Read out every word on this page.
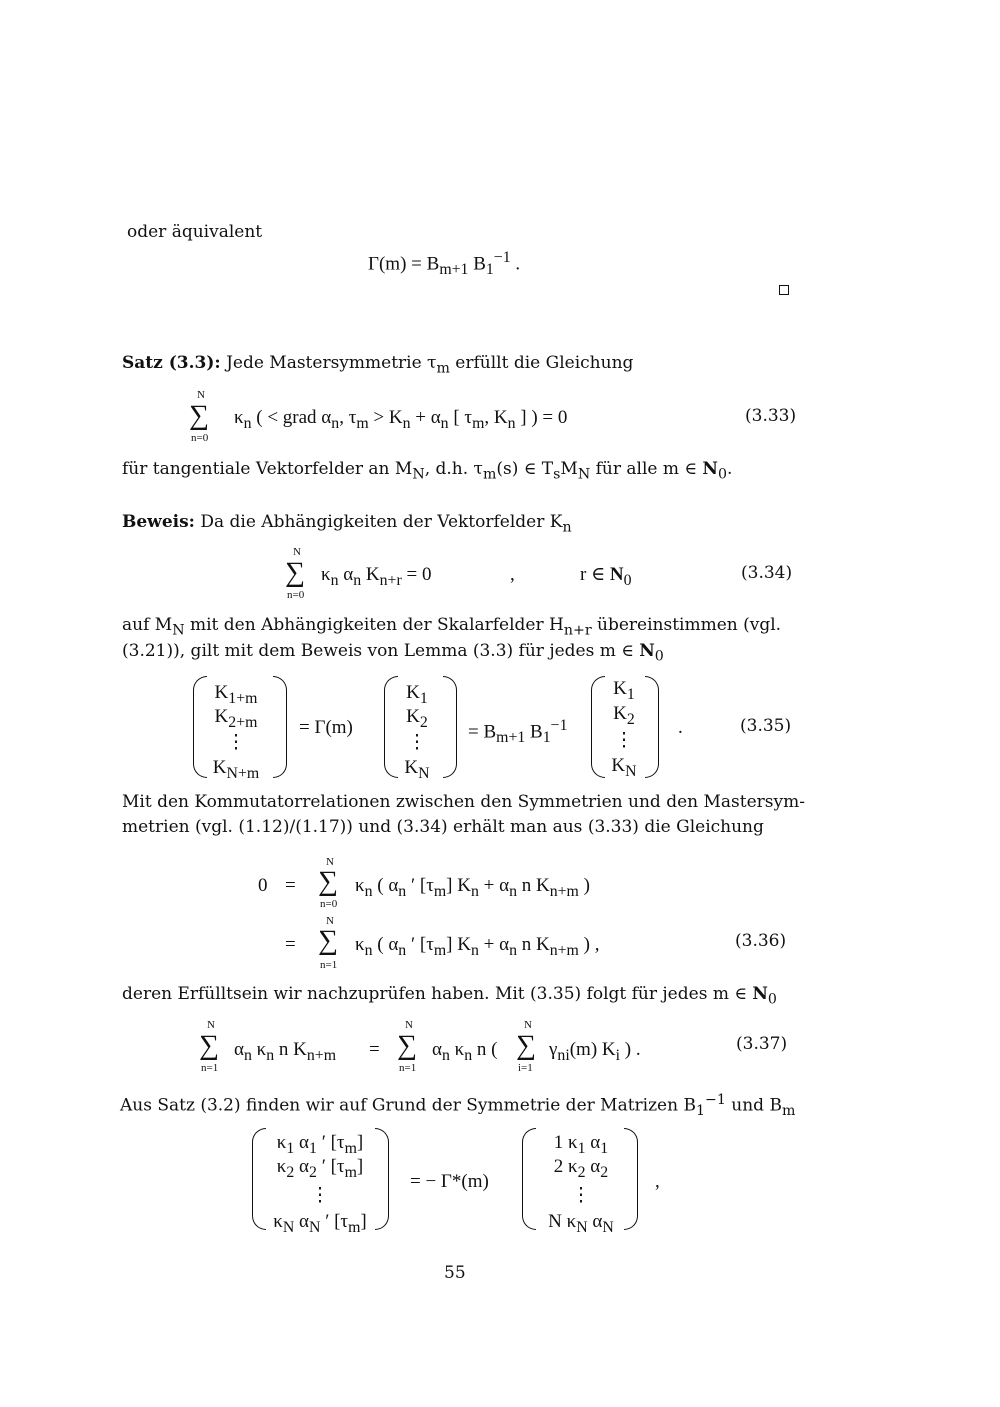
oder äquivalent
$\Gamma(m) = B_{m+1}$ $B_1^{-1}$ .
Satz (3.3): Jede Mastersymmetrie $\tau_m$ erfüllt die Gleichung
N
∑
n=0
$\kappa_n$ ( < grad $\alpha_n$, $\tau_m > K_n + \alpha_n$ [ $\tau_m$, $K_n$ ] ) = 0	(3.33)
für tangentiale Vektorfelder an $M_N$, d.h. $\tau_m(s)$ ∈ $T_sM_N$ für alle m ∈ $N_0$.
Beweis: Da die Abhängigkeiten der Vektorfelder $K_n$
N
∑
n=0
$\kappa_n$ $\alpha_n$ $K_{n+r} = 0$	,	r ∈ $N_0$	(3.34)
auf $M_N$ mit den Abhängigkeiten der Skalarfelder $H_{n+r}$ übereinstimmen (vgl.
(3.21)), gilt mit dem Beweis von Lemma (3.3) für jedes m ∈ $N_0$
$K_{1+m}$
$K_{2+m}$
⋮
$K_{N+m}$
= Γ(m)
$K_1$
$K_2$
⋮
$K_N$
= $B_{m+1}$ $B_1^{-1}$
$K_1$
$K_2$
⋮
$K_N$
.	(3.35)
Mit den Kommutatorrelationen zwischen den Symmetrien und den Mastersym-
metrien (vgl. (1.12)/(1.17)) und (3.34) erhält man aus (3.33) die Gleichung
0 =
N
∑
n=0
$\kappa_n$ ( $\alpha_n$ ′ $[\tau_m] K_n + \alpha_n$ n $K_{n+m}$ )
=
N
∑
n=1
$\kappa_n$ ( $\alpha_n$ ′ $[\tau_m] K_n + \alpha_n$ n $K_{n+m}$ ) ,	(3.36)
deren Erfülltsein wir nachzuprüfen haben. Mit (3.35) folgt für jedes m ∈ $N_0$
N
∑
n=1
$\alpha_n$ $\kappa_n$ n $K_{n+m}$ =
N
∑
n=1
$\alpha_n$ $\kappa_n$ n (
N
∑
i=1
$\gamma_{ni}(m)$ $K_i$ ) .	(3.37)
Aus Satz (3.2) finden wir auf Grund der Symmetrie der Matrizen $B_1^{-1}$ und $B_m$
$\kappa_1$ $\alpha_1$ ′ $[\tau_m]$
$\kappa_2$ $\alpha_2$ ′ $[\tau_m]$
⋮
$\kappa_N$ $\alpha_N$ ′ $[\tau_m]$
= − Γ*(m)
1 $\kappa_1$ $\alpha_1$
2 $\kappa_2$ $\alpha_2$
⋮
N $\kappa_N$ $\alpha_N$
,
55
